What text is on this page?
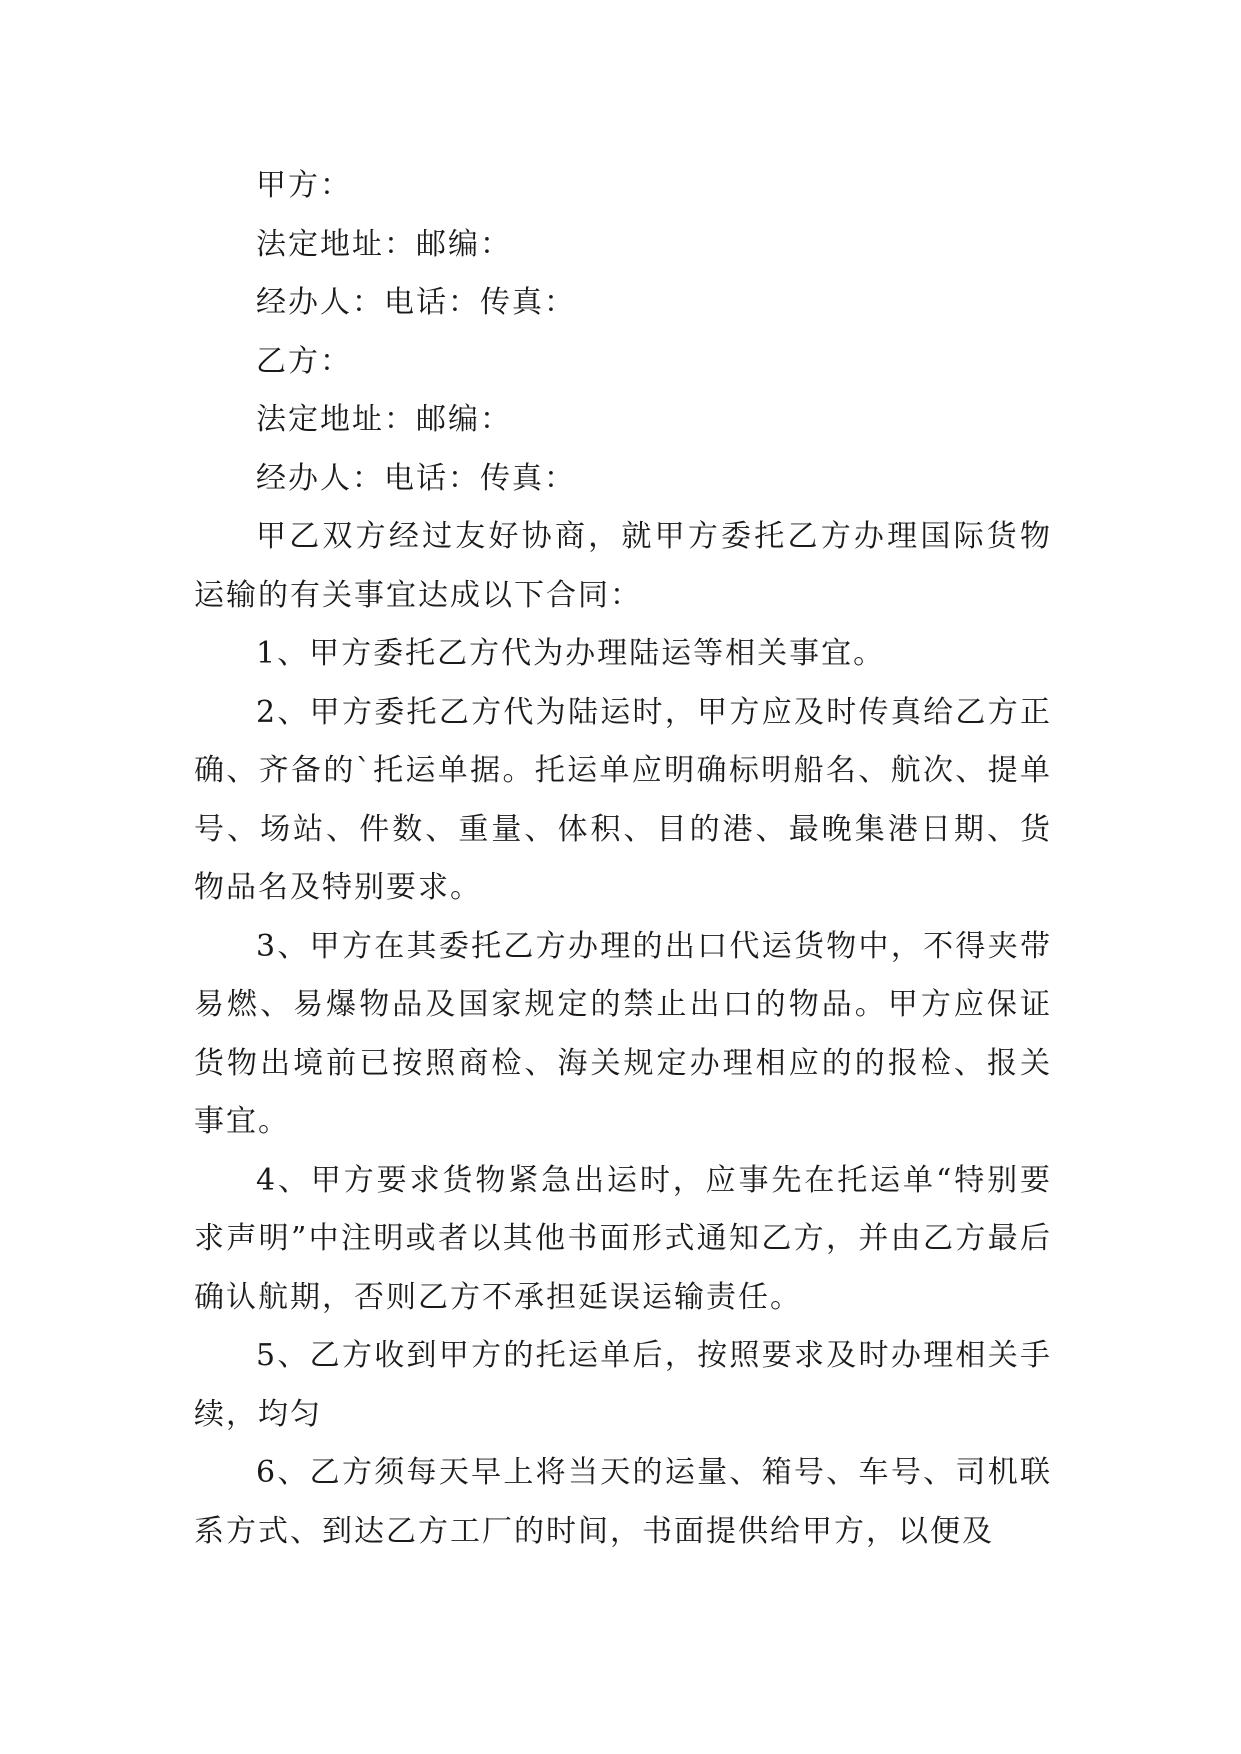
甲方：
法定地址：邮编：
经办人：电话：传真：
乙方：
法定地址：邮编：
经办人：电话：传真：

甲乙双方经过友好协商，就甲方委托乙方办理国际货物运输的有关事宜达成以下合同：

1、甲方委托乙方代为办理陆运等相关事宜。

2、甲方委托乙方代为陆运时，甲方应及时传真给乙方正确、齐备的`托运单据。托运单应明确标明船名、航次、提单号、场站、件数、重量、体积、目的港、最晚集港日期、货物品名及特别要求。

3、甲方在其委托乙方办理的出口代运货物中，不得夹带易燃、易爆物品及国家规定的禁止出口的物品。甲方应保证货物出境前已按照商检、海关规定办理相应的的报检、报关事宜。

4、甲方要求货物紧急出运时，应事先在托运单“特别要求声明”中注明或者以其他书面形式通知乙方，并由乙方最后确认航期，否则乙方不承担延误运输责任。

5、乙方收到甲方的托运单后，按照要求及时办理相关手续，均匀

6、乙方须每天早上将当天的运量、箱号、车号、司机联系方式、到达乙方工厂的时间，书面提供给甲方，以便及
